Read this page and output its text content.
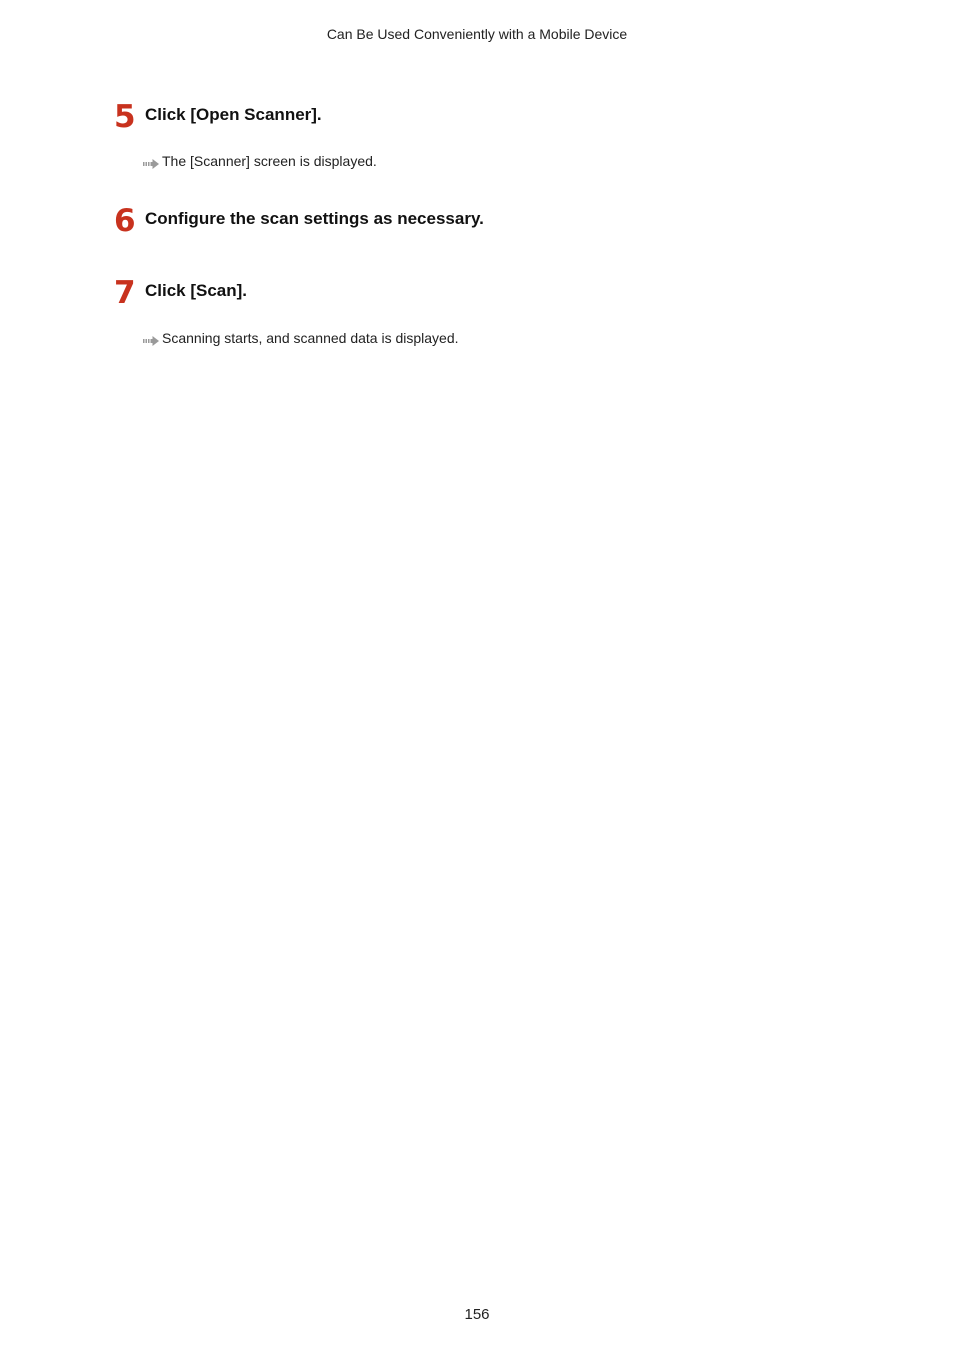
Can Be Used Conveniently with a Mobile Device
5 Click [Open Scanner].
The [Scanner] screen is displayed.
6 Configure the scan settings as necessary.
7 Click [Scan].
Scanning starts, and scanned data is displayed.
156
